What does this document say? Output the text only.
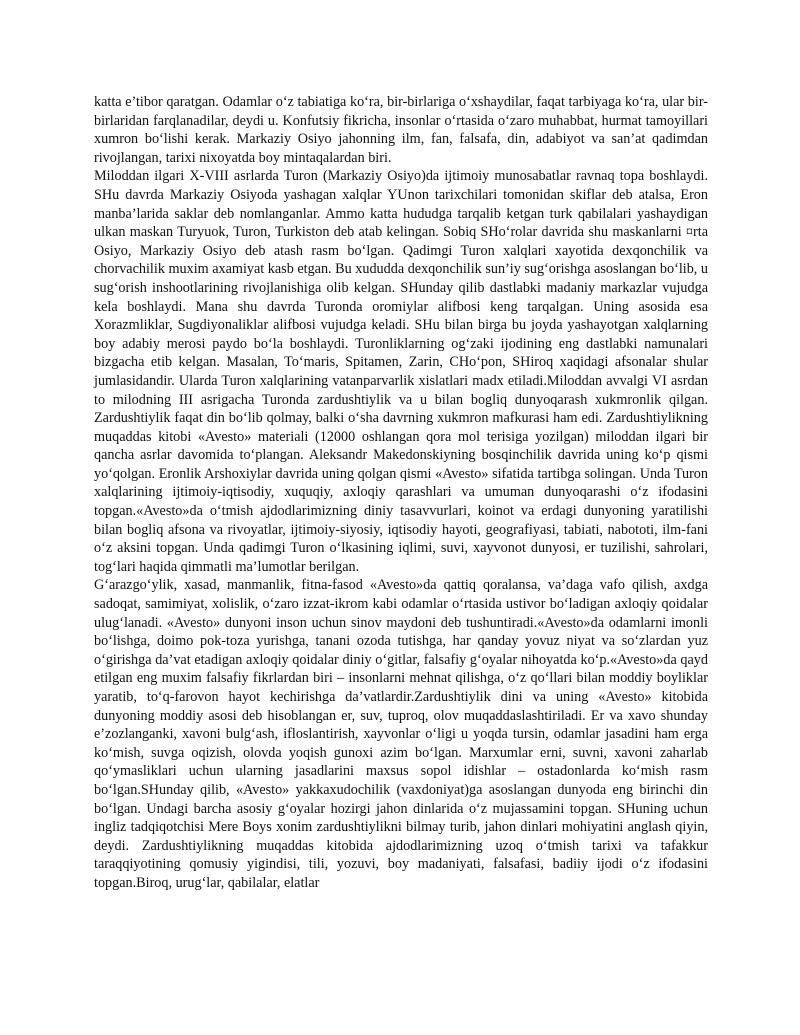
katta e’tibor qaratgan. Odamlar o‘z tabiatiga ko‘ra, bir-birlariga o‘xshaydilar, faqat tarbiyaga ko‘ra, ular bir-birlaridan farqlanadilar, deydi u. Konfutsiy fikricha, insonlar o‘rtasida o‘zaro muhabbat, hurmat tamoyillari xumron bo‘lishi kerak. Markaziy Osiyo jahonning ilm, fan, falsafa, din, adabiyot va san’at qadimdan rivojlangan, tarixi nixoyatda boy mintaqalardan biri.

Miloddan ilgari X-VIII asrlarda Turon (Markaziy Osiyo)da ijtimoiy munosabatlar ravnaq topa boshlaydi. SHu davrda Markaziy Osiyoda yashagan xalqlar YUnon tarixchilari tomonidan skiflar deb atalsa, Eron manba’larida saklar deb nomlanganlar. Ammo katta hududga tarqalib ketgan turk qabilalari yashaydigan ulkan maskan Turyuok, Turon, Turkiston deb atab kelingan. Sobiq SHo‘rolar davrida shu maskanlarni ¤rta Osiyo, Markaziy Osiyo deb atash rasm bo‘lgan. Qadimgi Turon xalqlari xayotida dexqonchilik va chorvachilik muxim axamiyat kasb etgan. Bu xududda dexqonchilik sun’iy sug‘orishga asoslangan bo‘lib, u sug‘orish inshootlarining rivojlanishiga olib kelgan. SHunday qilib dastlabki madaniy markazlar vujudga kela boshlaydi. Mana shu davrda Turonda oromiylar alifbosi keng tarqalgan. Uning asosida esa Xorazmliklar, Sugdiyonaliklar alifbosi vujudga keladi. SHu bilan birga bu joyda yashayotgan xalqlarning boy adabiy merosi paydo bo‘la boshlaydi. Turonliklarning og‘zaki ijodining eng dastlabki namunalari bizgacha etib kelgan. Masalan, To‘maris, Spitamen, Zarin, CHo‘pon, SHiroq xaqidagi afsonalar shular jumlasidandir. Ularda Turon xalqlarining vatanparvarlik xislatlari madx etiladi.Miloddan avvalgi VI asrdan to milodning III asrigacha Turonda zardushtiylik va u bilan bogliq dunyoqarash xukmronlik qilgan. Zardushtiylik faqat din bo‘lib qolmay, balki o‘sha davrning xukmron mafkurasi ham edi. Zardushtiylikning muqaddas kitobi «Avesto» materiali (12000 oshlangan qora mol terisiga yozilgan) miloddan ilgari bir qancha asrlar davomida to‘plangan. Aleksandr Makedonskiyning bosqinchilik davrida uning ko‘p qismi yo‘qolgan. Eronlik Arshoxiylar davrida uning qolgan qismi «Avesto» sifatida tartibga solingan. Unda Turon xalqlarining ijtimoiy-iqtisodiy, xuquqiy, axloqiy qarashlari va umuman dunyoqarashi o‘z ifodasini topgan.«Avesto»da o‘tmish ajdodlarimizning diniy tasavvurlari, koinot va erdagi dunyoning yaratilishi bilan bogliq afsona va rivoyatlar, ijtimoiy-siyosiy, iqtisodiy hayoti, geografiyasi, tabiati, nabototi, ilm-fani o‘z aksini topgan. Unda qadimgi Turon o‘lkasining iqlimi, suvi, xayvonot dunyosi, er tuzilishi, sahrolari, tog‘lari haqida qimmatli ma’lumotlar berilgan.

G‘arazgo‘ylik, xasad, manmanlik, fitna-fasod «Avesto»da qattiq qoralansa, va’daga vafo qilish, axdga sadoqat, samimiyat, xolislik, o‘zaro izzat-ikrom kabi odamlar o‘rtasida ustivor bo‘ladigan axloqiy qoidalar ulug‘lanadi. «Avesto» dunyoni inson uchun sinov maydoni deb tushuntiradi.«Avesto»da odamlarni imonli bo‘lishga, doimo pok-toza yurishga, tanani ozoda tutishga, har qanday yovuz niyat va so‘zlardan yuz o‘girishga da’vat etadigan axloqiy qoidalar diniy o‘gitlar, falsafiy g‘oyalar nihoyatda ko‘p.«Avesto»da qayd etilgan eng muxim falsafiy fikrlardan biri – insonlarni mehnat qilishga, o‘z qo‘llari bilan moddiy boyliklar yaratib, to‘q-farovon hayot kechirishga da’vatlardir.Zardushtiylik dini va uning «Avesto» kitobida dunyoning moddiy asosi deb hisoblangan er, suv, tuproq, olov muqaddaslashtiriladi. Er va xavo shunday e’zozlanganki, xavoni bulg‘ash, ifloslantirish, xayvonlar o‘ligi u yoqda tursin, odamlar jasadini ham erga ko‘mish, suvga oqizish, olovda yoqish gunoxi azim bo‘lgan. Marxumlar erni, suvni, xavoni zaharlab qo‘ymasliklari uchun ularning jasadlarini maxsus sopol idishlar – ostadonlarda ko‘mish rasm bo‘lgan.SHunday qilib, «Avesto» yakkaxudochilik (vaxdoniyat)ga asoslangan dunyoda eng birinchi din bo‘lgan. Undagi barcha asosiy g‘oyalar hozirgi jahon dinlarida o‘z mujassamini topgan. SHuning uchun ingliz tadqiqotchisi Mere Boys xonim zardushtiylikni bilmay turib, jahon dinlari mohiyatini anglash qiyin, deydi. Zardushtiylikning muqaddas kitobida ajdodlarimizning uzoq o‘tmish tarixi va tafakkur taraqqiyotining qomusiy yigindisi, tili, yozuvi, boy madaniyati, falsafasi, badiiy ijodi o‘z ifodasini topgan.Biroq, urug‘lar, qabilalar, elatlar
